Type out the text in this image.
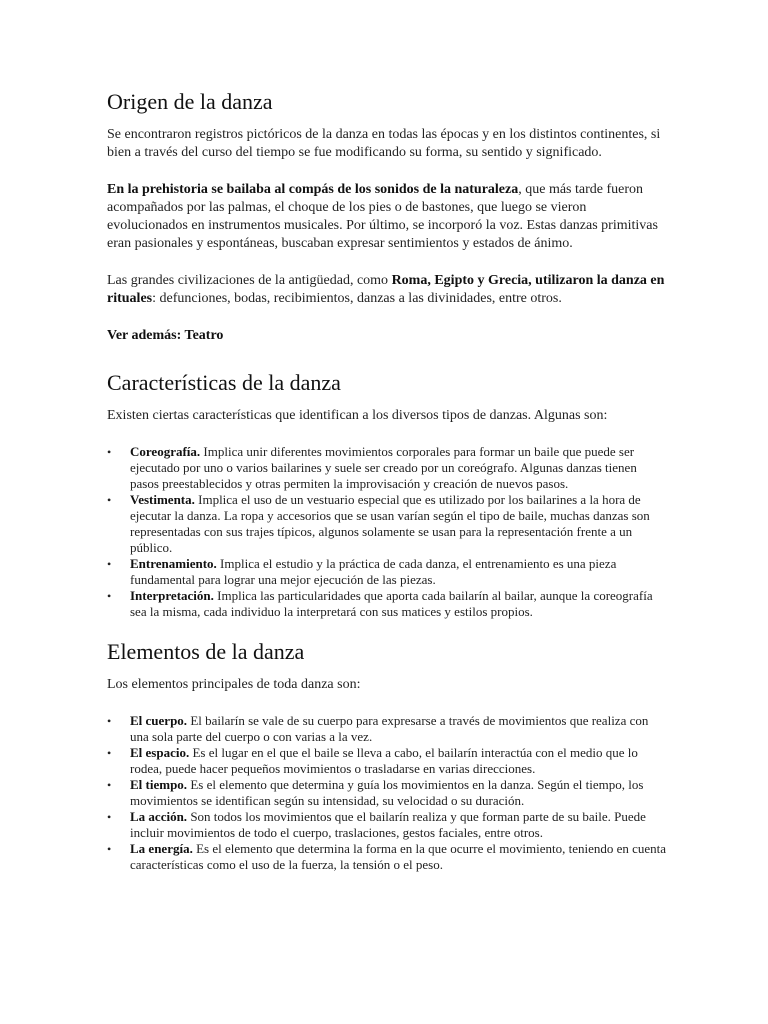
Origen de la danza

Se encontraron registros pictóricos de la danza en todas las épocas y en los distintos continentes, si bien a través del curso del tiempo se fue modificando su forma, su sentido y significado.

En la prehistoria se bailaba al compás de los sonidos de la naturaleza, que más tarde fueron acompañados por las palmas, el choque de los pies o de bastones, que luego se vieron evolucionados en instrumentos musicales. Por último, se incorporó la voz. Estas danzas primitivas eran pasionales y espontáneas, buscaban expresar sentimientos y estados de ánimo.

Las grandes civilizaciones de la antigüedad, como Roma, Egipto y Grecia, utilizaron la danza en rituales: defunciones, bodas, recibimientos, danzas a las divinidades, entre otros.

Ver además: Teatro

Características de la danza

Existen ciertas características que identifican a los diversos tipos de danzas. Algunas son:

• Coreografía. Implica unir diferentes movimientos corporales para formar un baile que puede ser ejecutado por uno o varios bailarines y suele ser creado por un coreógrafo. Algunas danzas tienen pasos preestablecidos y otras permiten la improvisación y creación de nuevos pasos.
• Vestimenta. Implica el uso de un vestuario especial que es utilizado por los bailarines a la hora de ejecutar la danza. La ropa y accesorios que se usan varían según el tipo de baile, muchas danzas son representadas con sus trajes típicos, algunos solamente se usan para la representación frente a un público.
• Entrenamiento. Implica el estudio y la práctica de cada danza, el entrenamiento es una pieza fundamental para lograr una mejor ejecución de las piezas.
• Interpretación. Implica las particularidades que aporta cada bailarín al bailar, aunque la coreografía sea la misma, cada individuo la interpretará con sus matices y estilos propios.
Elementos de la danza

Los elementos principales de toda danza son:

• El cuerpo. El bailarín se vale de su cuerpo para expresarse a través de movimientos que realiza con una sola parte del cuerpo o con varias a la vez.
• El espacio. Es el lugar en el que el baile se lleva a cabo, el bailarín interactúa con el medio que lo rodea, puede hacer pequeños movimientos o trasladarse en varias direcciones.
• El tiempo. Es el elemento que determina y guía los movimientos en la danza. Según el tiempo, los movimientos se identifican según su intensidad, su velocidad o su duración.
• La acción. Son todos los movimientos que el bailarín realiza y que forman parte de su baile. Puede incluir movimientos de todo el cuerpo, traslaciones, gestos faciales, entre otros.
• La energía. Es el elemento que determina la forma en la que ocurre el movimiento, teniendo en cuenta características como el uso de la fuerza, la tensión o el peso.
